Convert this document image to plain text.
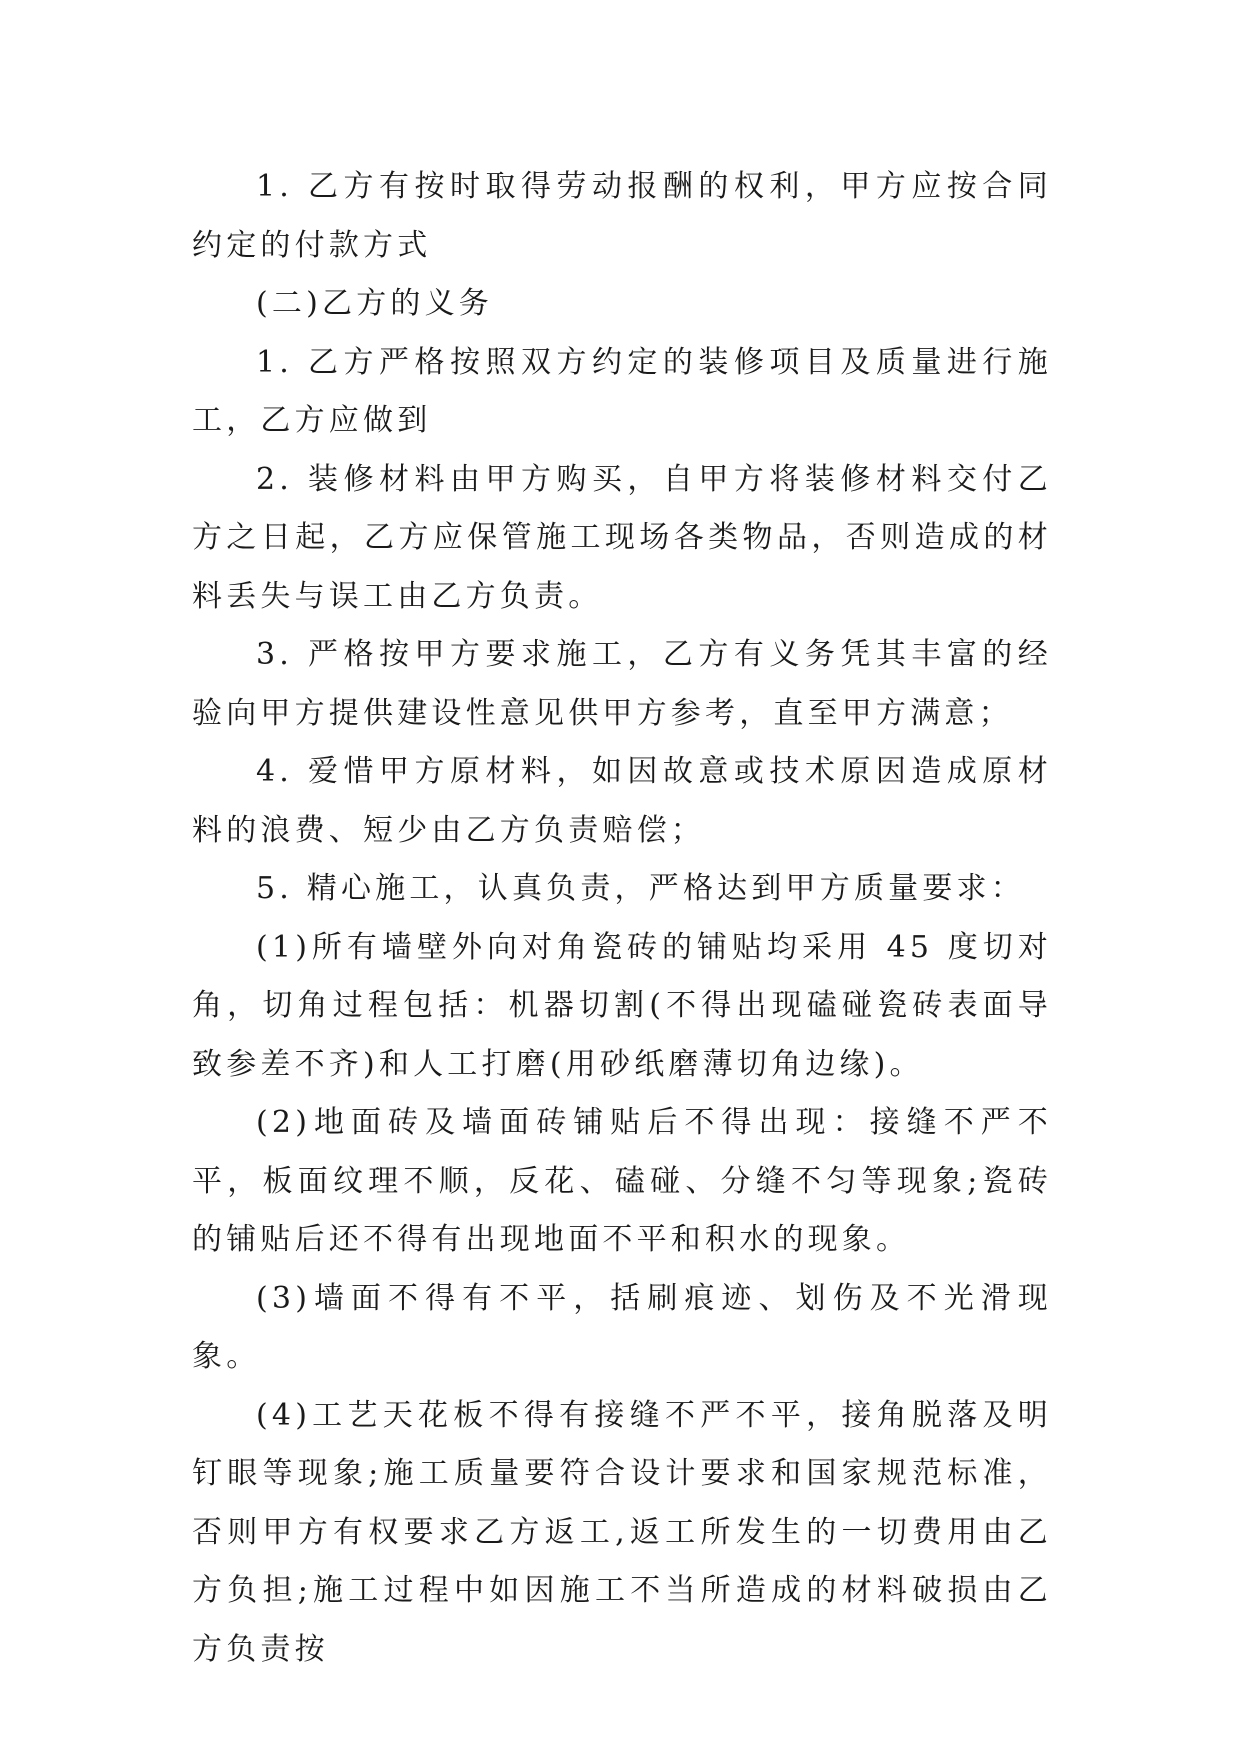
1. 乙方有按时取得劳动报酬的权利，甲方应按合同约定的付款方式

(二)乙方的义务

1. 乙方严格按照双方约定的装修项目及质量进行施工，乙方应做到

2. 装修材料由甲方购买，自甲方将装修材料交付乙方之日起，乙方应保管施工现场各类物品，否则造成的材料丢失与误工由乙方负责。

3. 严格按甲方要求施工，乙方有义务凭其丰富的经验向甲方提供建设性意见供甲方参考，直至甲方满意；

4. 爱惜甲方原材料，如因故意或技术原因造成原材料的浪费、短少由乙方负责赔偿；

5. 精心施工，认真负责，严格达到甲方质量要求：

(1)所有墙壁外向对角瓷砖的铺贴均采用 45 度切对角，切角过程包括：机器切割(不得出现磕碰瓷砖表面导致参差不齐)和人工打磨(用砂纸磨薄切角边缘)。

(2)地面砖及墙面砖铺贴后不得出现：接缝不严不平，板面纹理不顺，反花、磕碰、分缝不匀等现象;瓷砖的铺贴后还不得有出现地面不平和积水的现象。

(3)墙面不得有不平，括刷痕迹、划伤及不光滑现象。

(4)工艺天花板不得有接缝不严不平，接角脱落及明钉眼等现象;施工质量要符合设计要求和国家规范标准，否则甲方有权要求乙方返工,返工所发生的一切费用由乙方负担;施工过程中如因施工不当所造成的材料破损由乙方负责按
